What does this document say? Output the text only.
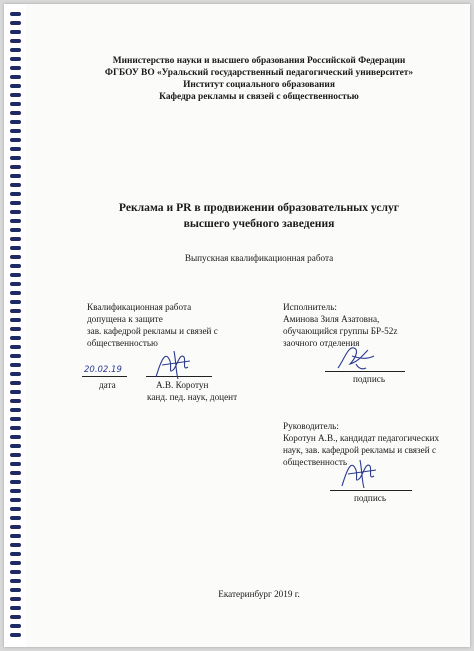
Министерство науки и высшего образования Российской Федерации
ФГБОУ ВО «Уральский государственный педагогический университет»
Институт социального образования
Кафедра рекламы и связей с общественностью
Реклама и PR в продвижении образовательных услуг
высшего учебного заведения
Выпускная квалификационная работа
Квалификационная работа
допущена к защите
зав. кафедрой рекламы и связей с
общественностью
20.02.19
дата	А.В. Коротун
канд. пед. наук, доцент
Исполнитель:
Аминова Зиля Азатовна,
обучающийся группы БР-52z
заочного отделения
подпись
Руководитель:
Коротун А.В., кандидат педагогических
наук, зав. кафедрой рекламы и связей с
общественность
подпись
Екатеринбург 2019 г.
